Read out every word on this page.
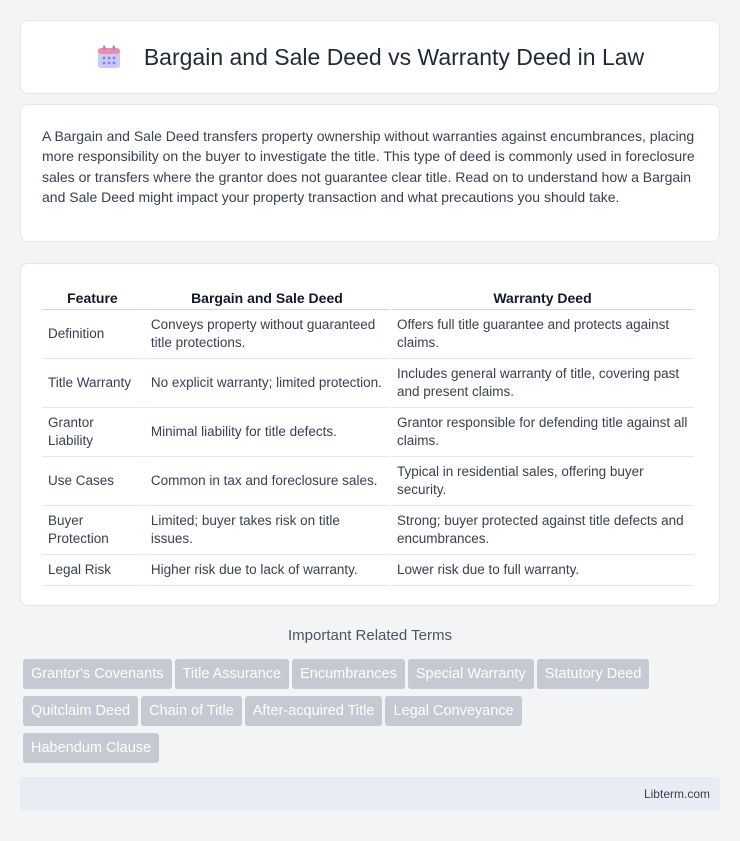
Bargain and Sale Deed vs Warranty Deed in Law

A Bargain and Sale Deed transfers property ownership without warranties against encumbrances, placing more responsibility on the buyer to investigate the title. This type of deed is commonly used in foreclosure sales or transfers where the grantor does not guarantee clear title. Read on to understand how a Bargain and Sale Deed might impact your property transaction and what precautions you should take.

Feature	Bargain and Sale Deed	Warranty Deed
Definition	Conveys property without guaranteed title protections.	Offers full title guarantee and protects against claims.
Title Warranty	No explicit warranty; limited protection.	Includes general warranty of title, covering past and present claims.
Grantor Liability	Minimal liability for title defects.	Grantor responsible for defending title against all claims.
Use Cases	Common in tax and foreclosure sales.	Typical in residential sales, offering buyer security.
Buyer Protection	Limited; buyer takes risk on title issues.	Strong; buyer protected against title defects and encumbrances.
Legal Risk	Higher risk due to lack of warranty.	Lower risk due to full warranty.
Important Related Terms
Grantor's Covenants Title Assurance Encumbrances Special Warranty Statutory Deed
Quitclaim Deed Chain of Title After-acquired Title Legal Conveyance
Habendum Clause
Libterm.com
